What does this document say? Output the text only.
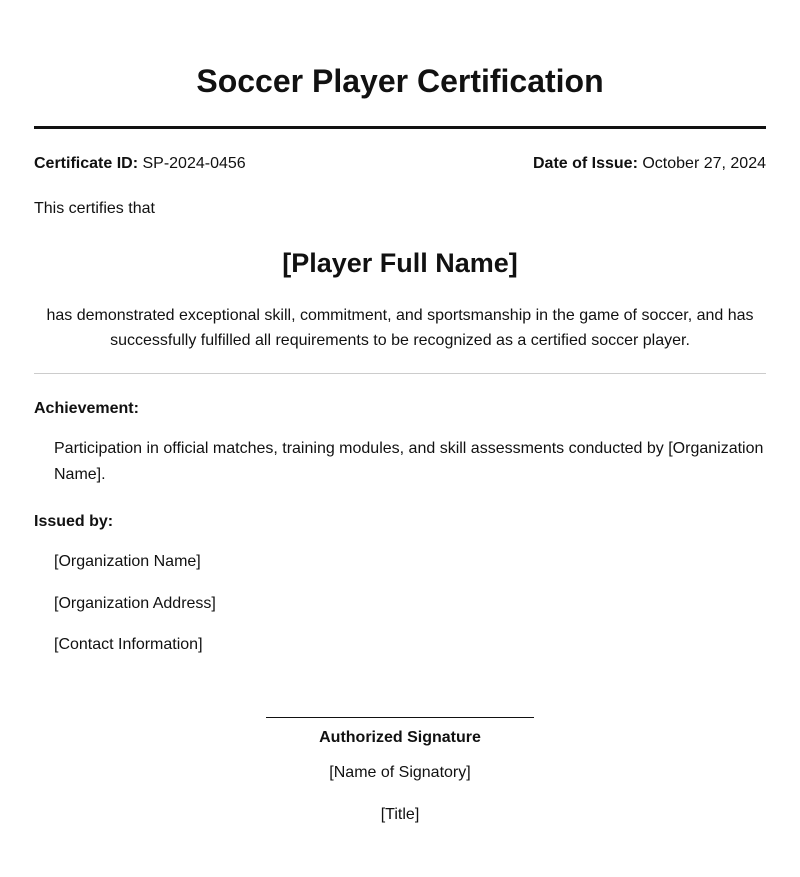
Soccer Player Certification
Certificate ID: SP-2024-0456	Date of Issue: October 27, 2024
This certifies that
[Player Full Name]
has demonstrated exceptional skill, commitment, and sportsmanship in the game of soccer, and has successfully fulfilled all requirements to be recognized as a certified soccer player.
Achievement:
Participation in official matches, training modules, and skill assessments conducted by [Organization Name].
Issued by:
[Organization Name]
[Organization Address]
[Contact Information]
Authorized Signature
[Name of Signatory]
[Title]
